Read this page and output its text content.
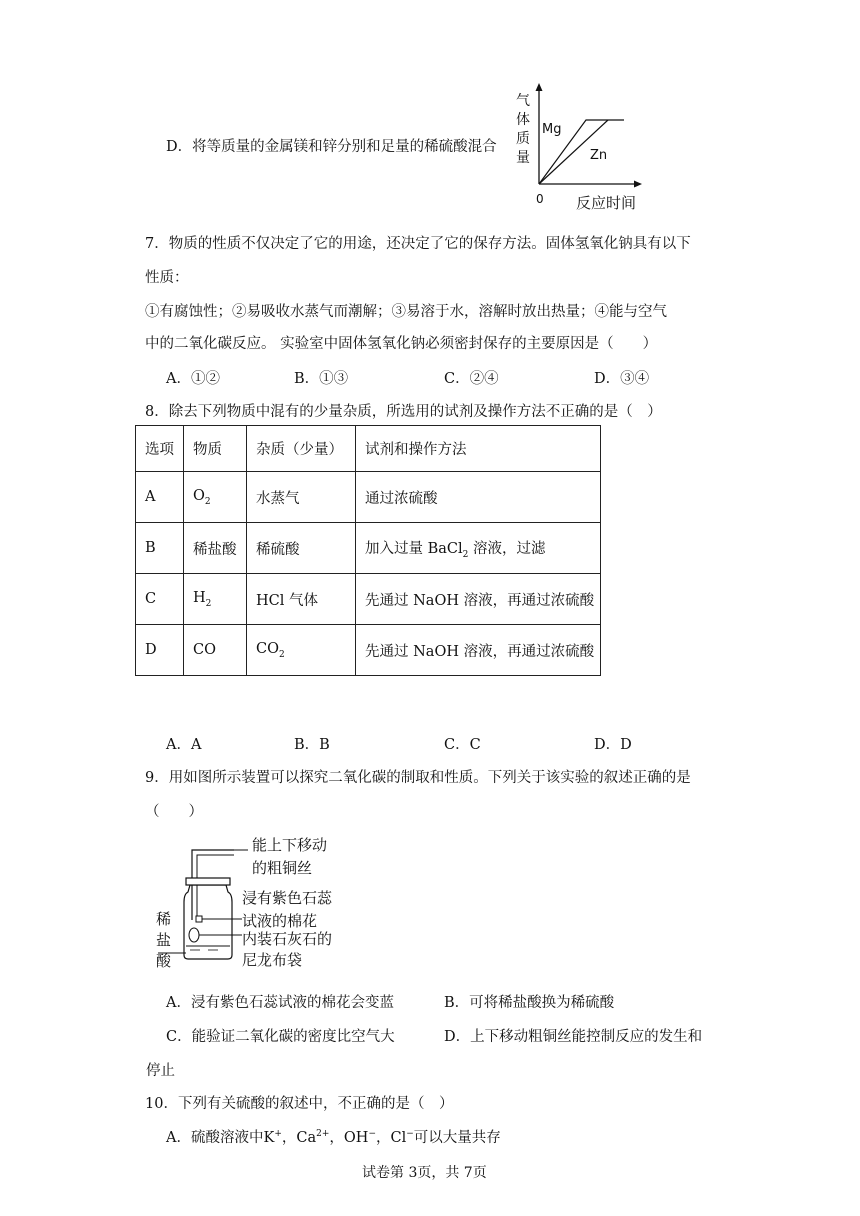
D．将等质量的金属镁和锌分别和足量的稀硫酸混合
气
体
质
量
Mg
Zn
0 反应时间
7．物质的性质不仅决定了它的用途，还决定了它的保存方法。固体氢氧化钠具有以下
性质：
①有腐蚀性；②易吸收水蒸气而潮解；③易溶于水，溶解时放出热量；④能与空气
中的二氧化碳反应。 实验室中固体氢氧化钠必须密封保存的主要原因是（　　）
A．①②	B．①③	C．②④	D．③④
8．除去下列物质中混有的少量杂质，所选用的试剂及操作方法不正确的是（　）
选项	物质	杂质（少量）	试剂和操作方法
A	$O_2$	水蒸气	通过浓硫酸
B	稀盐酸	稀硫酸	加入过量 BaCl$_2$ 溶液，过滤
C	$H_2$	HCl 气体	先通过 NaOH 溶液，再通过浓硫酸
D	CO	$CO_2$	先通过 NaOH 溶液，再通过浓硫酸
A．A	B．B	C．C	D．D
9．用如图所示装置可以探究二氧化碳的制取和性质。下列关于该实验的叙述正确的是
（　　）
能上下移动
的粗铜丝
浸有紫色石蕊
试液的棉花
内装石灰石的
尼龙布袋
稀
盐
酸
A．浸有紫色石蕊试液的棉花会变蓝	B．可将稀盐酸换为稀硫酸
C．能验证二氧化碳的密度比空气大	D．上下移动粗铜丝能控制反应的发生和
停止
10．下列有关硫酸的叙述中，不正确的是（　）
A．硫酸溶液中K+，$Ca^{2+}$，OH−，Cl−可以大量共存
试卷第 3页，共 7页
